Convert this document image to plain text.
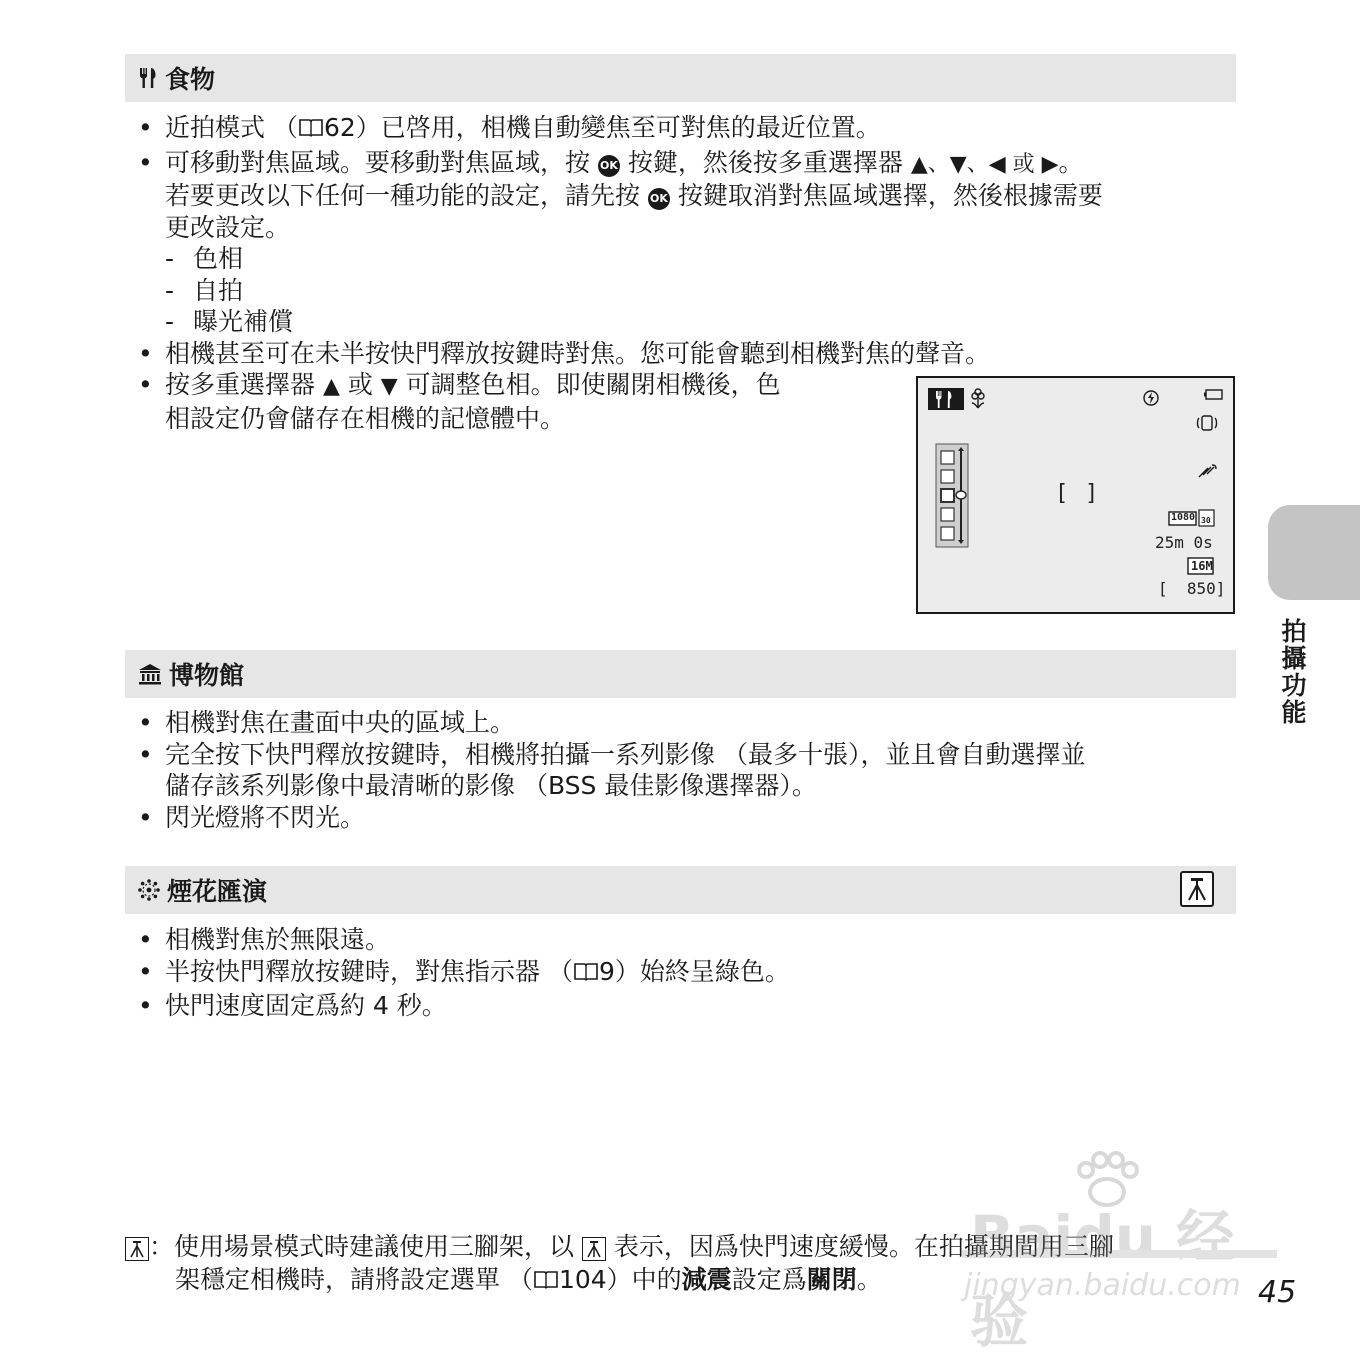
食物
• 近拍模式 （ 62）已啓用，相機自動變焦至可對焦的最近位置。
• 可移動對焦區域。要移動對焦區域，按 OK 按鍵，然後按多重選擇器 ▲、▼、◀ 或 ▶。
若要更改以下任何一種功能的設定，請先按 OK 按鍵取消對焦區域選擇，然後根據需要
更改設定。
- 色相
- 自拍
- 曝光補償
• 相機甚至可在未半按快門釋放按鍵時對焦。您可能會聽到相機對焦的聲音。
• 按多重選擇器 ▲ 或 ▼ 可調整色相。即使關閉相機後，色
相設定仍會儲存在相機的記憶體中。
[ ]
1080 30
25m 0s
16M
[  850]
博物館
• 相機對焦在畫面中央的區域上。
• 完全按下快門釋放按鍵時，相機將拍攝一系列影像 （最多十張），並且會自動選擇並
儲存該系列影像中最清晰的影像 （BSS 最佳影像選擇器）。
• 閃光燈將不閃光。
煙花匯演
• 相機對焦於無限遠。
• 半按快門釋放按鍵時，對焦指示器 （ 9）始終呈綠色。
• 快門速度固定爲約 4 秒。
拍攝功能
：使用場景模式時建議使用三腳架，以
表示，因爲快門速度緩慢。在拍攝期間用三腳
架穩定相機時，請將設定選單 （ 104）中的減震設定爲關閉。
Baidu 经验
jingyan.baidu.com 45
